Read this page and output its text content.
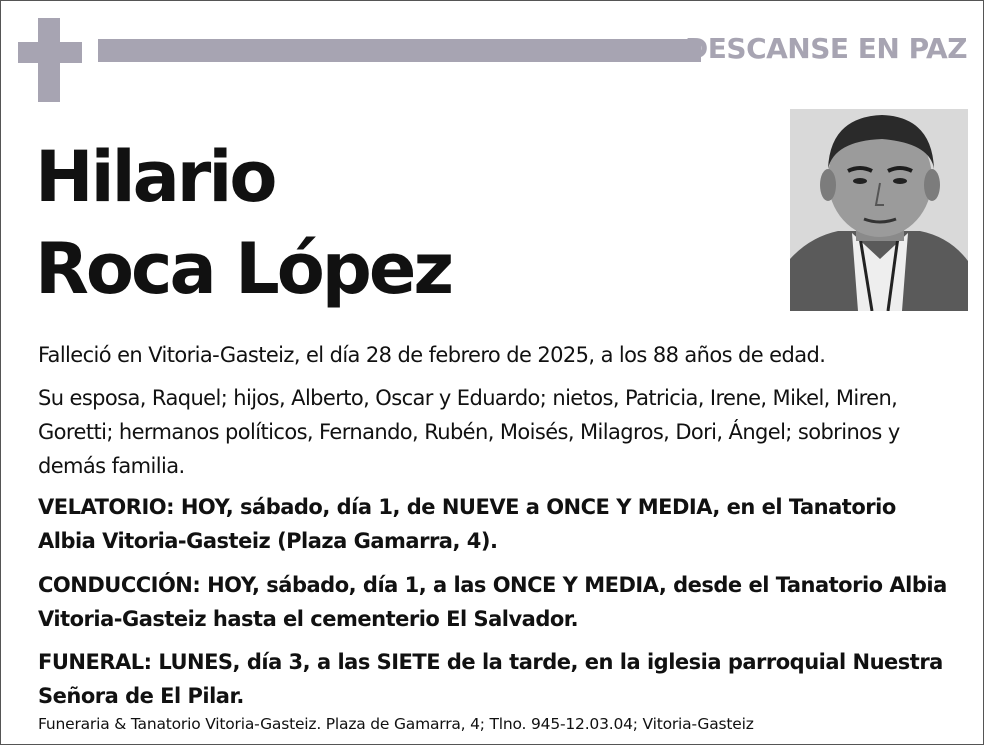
DESCANSE EN PAZ
Hilario
Roca López
Falleció en Vitoria-Gasteiz, el día 28 de febrero de 2025, a los 88 años de edad.
Su esposa, Raquel; hijos, Alberto, Oscar y Eduardo; nietos, Patricia, Irene, Mikel, Miren, Goretti; hermanos políticos, Fernando, Rubén, Moisés, Milagros, Dori, Ángel; sobrinos y demás familia.
VELATORIO: HOY, sábado, día 1, de NUEVE a ONCE Y MEDIA, en el Tanatorio Albia Vitoria-Gasteiz (Plaza Gamarra, 4).
CONDUCCIÓN: HOY, sábado, día 1, a las ONCE Y MEDIA, desde el Tanatorio Albia Vitoria-Gasteiz hasta el cementerio El Salvador.
FUNERAL: LUNES, día 3, a las SIETE de la tarde, en la iglesia parroquial Nuestra Señora de El Pilar.
Funeraria & Tanatorio Vitoria-Gasteiz. Plaza de Gamarra, 4; Tlno. 945-12.03.04; Vitoria-Gasteiz
